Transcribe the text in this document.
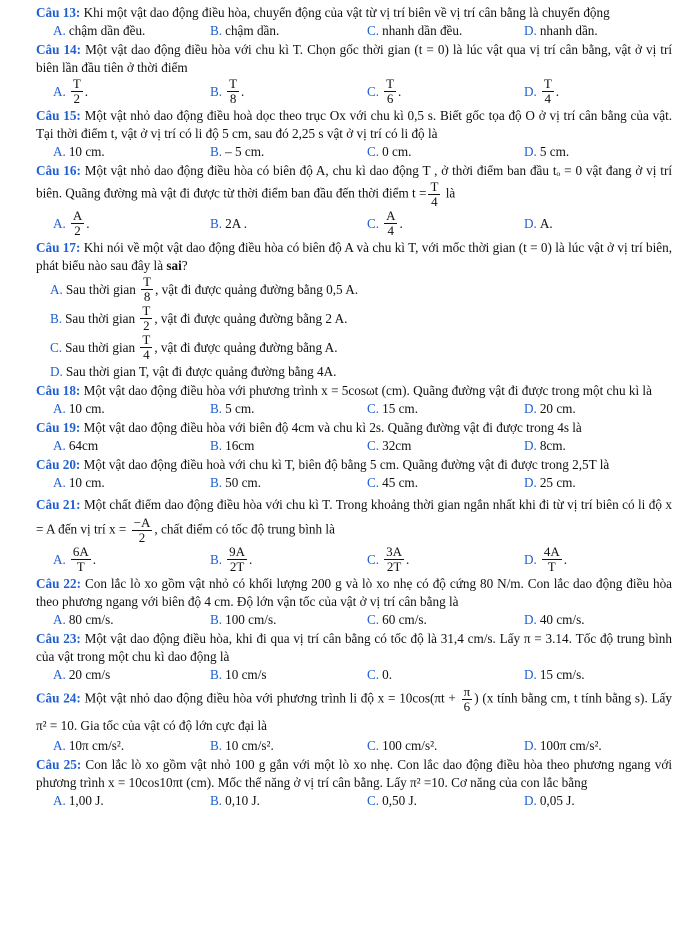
Câu 13: Khi một vật dao động điều hòa, chuyển động của vật từ vị trí biên về vị trí cân bằng là chuyển động

A. chậm dần đều.	B. chậm dần.	C. nhanh dần đều.	D. nhanh dần.

Câu 14: Một vật dao động điều hòa với chu kì T. Chọn gốc thời gian (t = 0) là lúc vật qua vị trí cân bằng, vật ở vị trí biên lần đầu tiên ở thời điểm

A. $\frac{T}{2}$ .	B. $\frac{T}{8}$ .	C. $\frac{T}{6}$ .	D. $\frac{T}{4}$ .

Câu 15: Một vật nhỏ dao động điều hoà dọc theo trục Ox với chu kì 0,5 s. Biết gốc tọa độ O ở vị trí cân bằng của vật. Tại thời điểm t, vật ở vị trí có li độ 5 cm, sau đó 2,25 s vật ở vị trí có li độ là

A. 10 cm.	B. – 5 cm.	C. 0 cm.	D. 5 cm.

Câu 16: Một vật nhỏ dao động điều hòa có biên độ A, chu kì dao động T , ở thời điểm ban đầu tₒ = 0 vật đang ở vị trí biên. Quãng đường mà vật đi được từ thời điểm ban đầu đến thời điểm $t = \frac{T}{4}$ là

A. $\frac{A}{2}$ .	B. 2A .	C. $\frac{A}{4}$ .	D. A.

Câu 17: Khi nói về một vật dao động điều hòa có biên độ A và chu kì T, với mốc thời gian (t = 0) là lúc vật ở vị trí biên, phát biểu nào sau đây là sai?

A. Sau thời gian
$\frac{T}{8}$ , vật đi được quảng đường bằng 0,5 A.
B. Sau thời gian
$\frac{T}{2}$ , vật đi được quảng đường bằng 2 A.
C. Sau thời gian
$\frac{T}{4}$ , vật đi được quảng đường bằng A.
D. Sau thời gian T, vật đi được quảng đường bằng 4A.

Câu 18: Một vật dao động điều hòa với phương trình x = 5cosωt (cm). Quãng đường vật đi được trong một chu kì là

A. 10 cm.	B. 5 cm.	C. 15 cm.	D. 20 cm.

Câu 19: Một vật dao động điều hòa với biên độ 4cm và chu kì 2s. Quãng đường vật đi được trong 4s là

A. 64cm	B. 16cm	C. 32cm	D. 8cm.

Câu 20: Một vật dao động điều hoà với chu kì T, biên độ bằng 5 cm. Quãng đường vật đi được trong 2,5T là

A. 10 cm.	B. 50 cm.	C. 45 cm.	D. 25 cm.

Câu 21: Một chất điểm dao động điều hòa với chu kì T. Trong khoảng thời gian ngắn nhất khi đi từ vị trí biên có li độ x = A đến vị trí $x = \frac{-A}{2}$ , chất điểm có tốc độ trung bình là

A. $\frac{6A}{T}$ .	B. $\frac{9A}{2T}$ .	C. $\frac{3A}{2T}$ .	D. $\frac{4A}{T}$ .

Câu 22: Con lắc lò xo gồm vật nhỏ có khối lượng 200 g và lò xo nhẹ có độ cứng 80 N/m. Con lắc dao động điều hòa theo phương ngang với biên độ 4 cm. Độ lớn vận tốc của vật ở vị trí cân bằng là

A. 80 cm/s.	B. 100 cm/s.	C. 60 cm/s.	D. 40 cm/s.

Câu 23: Một vật dao động điều hòa, khi đi qua vị trí cân bằng có tốc độ là 31,4 cm/s. Lấy π = 3.14. Tốc độ trung bình của vật trong một chu kì dao động là

A. 20 cm/s	B. 10 cm/s	C. 0.	D. 15 cm/s.

Câu 24: Một vật nhỏ dao động điều hòa với phương trình li độ $x = 10\cos(\pi t + \frac{\pi}{6}$ ) (x tính bằng cm, t tính bằng s). Lấy π² = 10. Gia tốc của vật có độ lớn cực đại là

A. 10π cm/s².	B. 10 cm/s².	C. 100 cm/s².	D. 100π cm/s².

Câu 25: Con lắc lò xo gồm vật nhỏ 100 g gắn với một lò xo nhẹ. Con lắc dao động điều hòa theo phương ngang với phương trình x = 10cos10πt (cm). Mốc thế năng ở vị trí cân bằng. Lấy π² =10. Cơ năng của con lắc bằng

A. 1,00 J.	B. 0,10 J.	C. 0,50 J.	D. 0,05 J.
